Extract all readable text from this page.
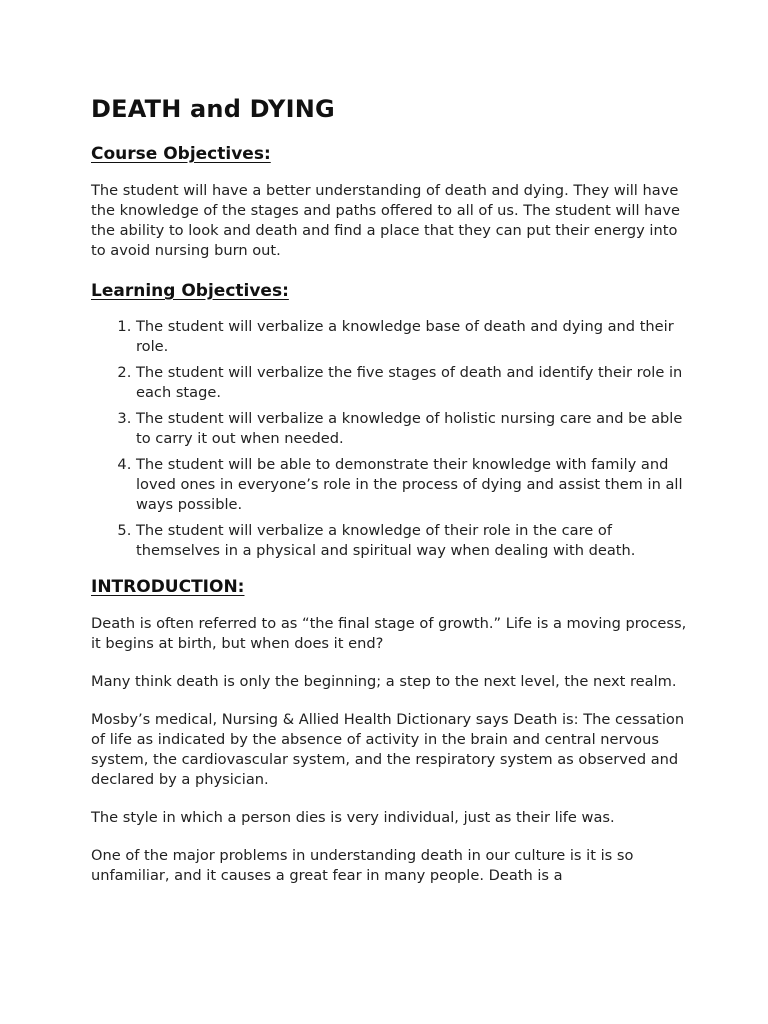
DEATH and DYING
Course Objectives:

The student will have a better understanding of death and dying. They will have the knowledge of the stages and paths offered to all of us. The student will have the ability to look and death and find a place that they can put their energy into to avoid nursing burn out.

Learning Objectives:
1. The student will verbalize a knowledge base of death and dying and their role.
2. The student will verbalize the five stages of death and identify their role in each stage.
3. The student will verbalize a knowledge of holistic nursing care and be able to carry it out when needed.
4. The student will be able to demonstrate their knowledge with family and loved ones in everyone’s role in the process of dying and assist them in all ways possible.
5. The student will verbalize a knowledge of their role in the care of themselves in a physical and spiritual way when dealing with death.
INTRODUCTION:

Death is often referred to as “the final stage of growth.” Life is a moving process, it begins at birth, but when does it end?

Many think death is only the beginning; a step to the next level, the next realm.

Mosby’s medical, Nursing & Allied Health Dictionary says Death is: The cessation of life as indicated by the absence of activity in the brain and central nervous system, the cardiovascular system, and the respiratory system as observed and declared by a physician.

The style in which a person dies is very individual, just as their life was.

One of the major problems in understanding death in our culture is it is so unfamiliar, and it causes a great fear in many people. Death is a
